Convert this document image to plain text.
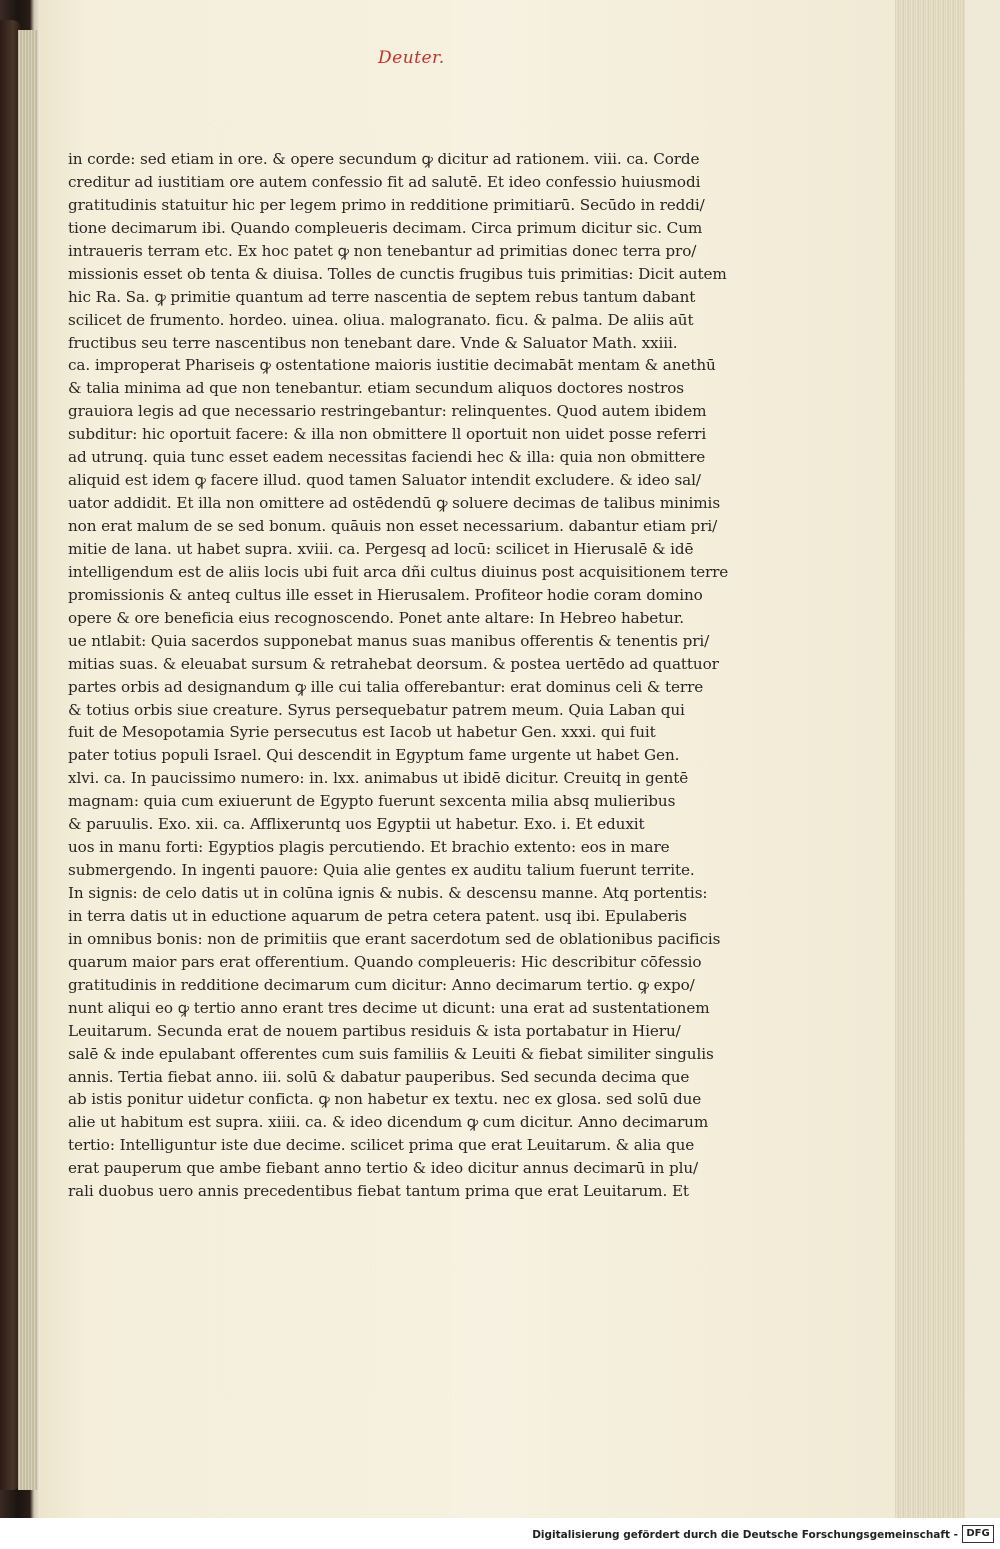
Deuter.
in corde: sed etiam in ore. & opere secundum ꝙ dicitur ad rationem. viii. ca. Corde
creditur ad iustitiam ore autem confessio fit ad salutē. Et ideo confessio huiusmodi
gratitudinis statuitur hic per legem primo in redditione primitiarū. Secūdo in reddi/
tione decimarum ibi. Quando compleueris decimam. Circa primum dicitur sic. Cum
intraueris terram etc. Ex hoc patet ꝙ non tenebantur ad primitias donec terra pro/
missionis esset ob tenta & diuisa. Tolles de cunctis frugibus tuis primitias: Dicit autem
hic Ra. Sa. ꝙ primitie quantum ad terre nascentia de septem rebus tantum dabant
scilicet de frumento. hordeo. uinea. oliua. malogranato. ficu. & palma. De aliis aūt
fructibus seu terre nascentibus non tenebant dare. Vnde & Saluator Math. xxiii.
ca. improperat Phariseis ꝙ ostentatione maioris iustitie decimabāt mentam & anethū
& talia minima ad que non tenebantur. etiam secundum aliquos doctores nostros
grauiora legis ad que necessario restringebantur: relinquentes. Quod autem ibidem
subditur: hic oportuit facere: & illa non obmittere ll oportuit non uidet posse referri
ad utrunq. quia tunc esset eadem necessitas faciendi hec & illa: quia non obmittere
aliquid est idem ꝙ facere illud. quod tamen Saluator intendit excludere. & ideo sal/
uator addidit. Et illa non omittere ad ostēdendū ꝙ soluere decimas de talibus minimis
non erat malum de se sed bonum. quāuis non esset necessarium. dabantur etiam pri/
mitie de lana. ut habet supra. xviii. ca. Pergesq ad locū: scilicet in Hierusalē & idē
intelligendum est de aliis locis ubi fuit arca dñi cultus diuinus post acquisitionem terre
promissionis & anteq cultus ille esset in Hierusalem. Profiteor hodie coram domino
opere & ore beneficia eius recognoscendo. Ponet ante altare: In Hebreo habetur.
ue ntlabit: Quia sacerdos supponebat manus suas manibus offerentis & tenentis pri/
mitias suas. & eleuabat sursum & retrahebat deorsum. & postea uertēdo ad quattuor
partes orbis ad designandum ꝙ ille cui talia offerebantur: erat dominus celi & terre
& totius orbis siue creature. Syrus persequebatur patrem meum. Quia Laban qui
fuit de Mesopotamia Syrie persecutus est Iacob ut habetur Gen. xxxi. qui fuit
pater totius populi Israel. Qui descendit in Egyptum fame urgente ut habet Gen.
xlvi. ca. In paucissimo numero: in. lxx. animabus ut ibidē dicitur. Creuitq in gentē
magnam: quia cum exiuerunt de Egypto fuerunt sexcenta milia absq mulieribus
& paruulis. Exo. xii. ca. Afflixeruntq uos Egyptii ut habetur. Exo. i. Et eduxit
uos in manu forti: Egyptios plagis percutiendo. Et brachio extento: eos in mare
submergendo. In ingenti pauore: Quia alie gentes ex auditu talium fuerunt territe.
In signis: de celo datis ut in colūna ignis & nubis. & descensu manne. Atq portentis:
in terra datis ut in eductione aquarum de petra cetera patent. usq ibi. Epulaberis
in omnibus bonis: non de primitiis que erant sacerdotum sed de oblationibus pacificis
quarum maior pars erat offerentium. Quando compleueris: Hic describitur cōfessio
gratitudinis in redditione decimarum cum dicitur: Anno decimarum tertio. ꝙ expo/
nunt aliqui eo ꝙ tertio anno erant tres decime ut dicunt: una erat ad sustentationem
Leuitarum. Secunda erat de nouem partibus residuis & ista portabatur in Hieru/
salē & inde epulabant offerentes cum suis familiis & Leuiti & fiebat similiter singulis
annis. Tertia fiebat anno. iii. solū & dabatur pauperibus. Sed secunda decima que
ab istis ponitur uidetur conficta. ꝙ non habetur ex textu. nec ex glosa. sed solū due
alie ut habitum est supra. xiiii. ca. & ideo dicendum ꝙ cum dicitur. Anno decimarum
tertio: Intelliguntur iste due decime. scilicet prima que erat Leuitarum. & alia que
erat pauperum que ambe fiebant anno tertio & ideo dicitur annus decimarū in plu/
rali duobus uero annis precedentibus fiebat tantum prima que erat Leuitarum. Et
Digitalisierung gefördert durch die Deutsche Forschungsgemeinschaft - DFG
